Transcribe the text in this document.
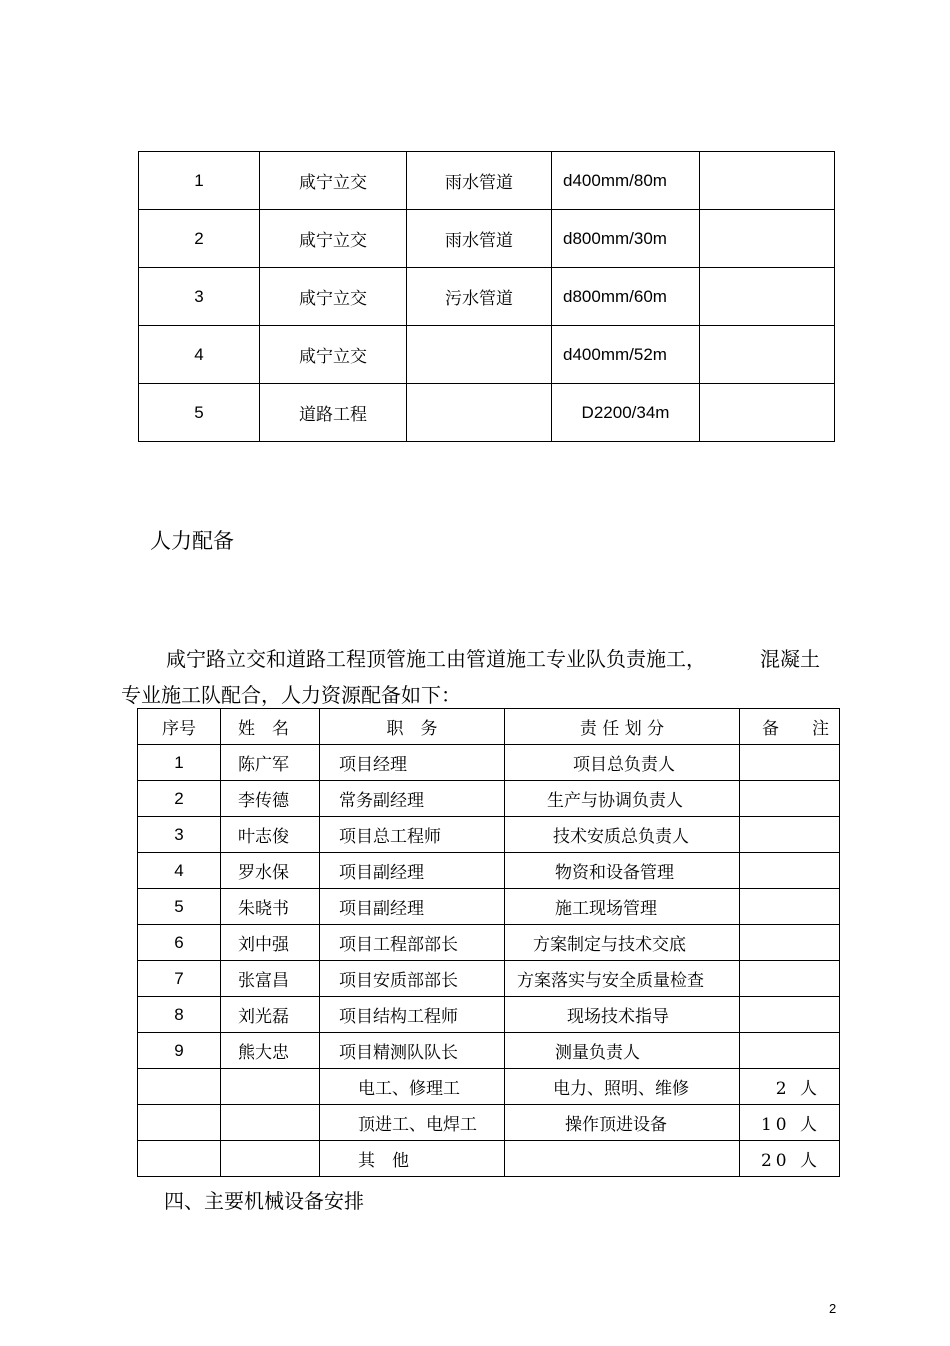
1	咸宁立交	雨水管道	d400mm/80m	
2	咸宁立交	雨水管道	d800mm/30m	
3	咸宁立交	污水管道	d800mm/60m	
4	咸宁立交		d400mm/52m	
5	道路工程		D2200/34m	
人力配备
咸宁路立交和道路工程顶管施工由管道施工专业队负责施工，	混凝土
专业施工队配合，人力资源配备如下：
序号	姓　名	职　务	责 任 划 分	备　注
1	陈广军	项目经理	项目总负责人	
2	李传德	常务副经理	生产与协调负责人	
3	叶志俊	项目总工程师	技术安质总负责人	
4	罗水保	项目副经理	物资和设备管理	
5	朱晓书	项目副经理	施工现场管理	
6	刘中强	项目工程部部长	方案制定与技术交底	
7	张富昌	项目安质部部长	方案落实与安全质量检查	
8	刘光磊	项目结构工程师	现场技术指导	
9	熊大忠	项目精测队队长	测量负责人	
		电工、修理工	电力、照明、维修	2 人
		顶进工、电焊工	操作顶进设备	10 人
		其　他		20 人
四、主要机械设备安排
2
